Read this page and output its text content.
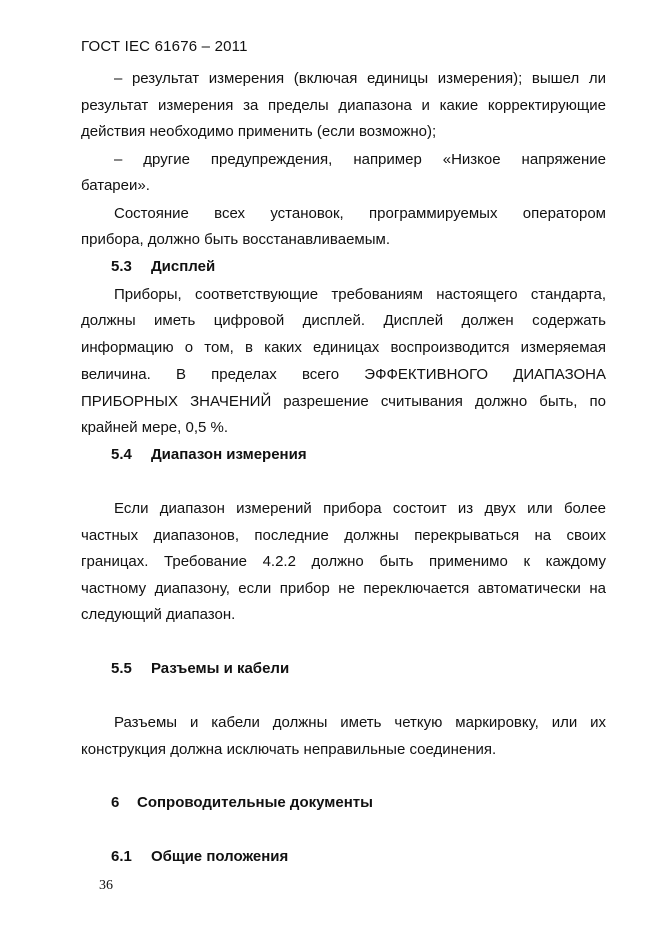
ГОСТ IEC 61676 – 2011
– результат измерения (включая единицы измерения); вышел ли
результат измерения за пределы диапазона и какие корректирующие
действия необходимо применить (если возможно);
– другие предупреждения, например «Низкое напряжение
батареи».
Состояние всех установок, программируемых оператором
прибора, должно быть восстанавливаемым.
5.3 Дисплей
Приборы, соответствующие требованиям настоящего стандарта,
должны иметь цифровой дисплей. Дисплей должен содержать
информацию о том, в каких единицах воспроизводится измеряемая
величина. В пределах всего ЭФФЕКТИВНОГО ДИАПАЗОНА
ПРИБОРНЫХ ЗНАЧЕНИЙ разрешение считывания должно быть, по
крайней мере, 0,5 %.
5.4 Диапазон измерения
Если диапазон измерений прибора состоит из двух или более
частных диапазонов, последние должны перекрываться на своих
границах. Требование 4.2.2 должно быть применимо к каждому
частному диапазону, если прибор не переключается автоматически на
следующий диапазон.
5.5 Разъемы и кабели
Разъемы и кабели должны иметь четкую маркировку, или их
конструкция должна исключать неправильные соединения.
6 Сопроводительные документы
6.1 Общие положения
36
